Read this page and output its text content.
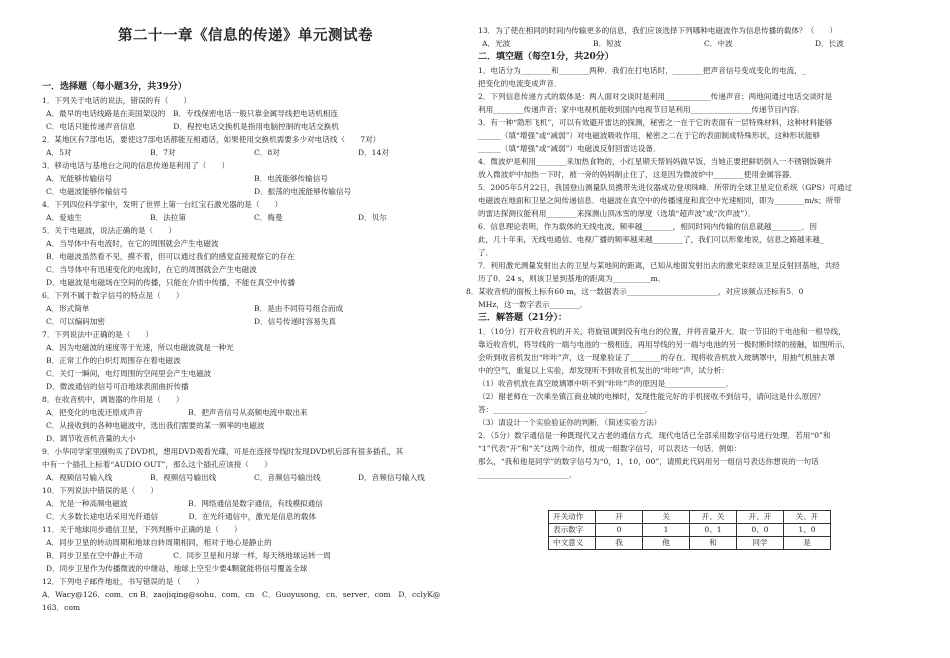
第二十一章《信息的传递》单元测试卷
一．选择题（每小题3分，共39分）
1．下列关于电话的说法，错误的有（　　）
A．最早的电话线路是在美国架设的　B．专线保密电话一般只靠金属导线把电话机相连
C．电话只能传递声音信息　　　　　D．程控电话交换机是指用电脑控制的电话交换机
2．某地区有7部电话，要使这7部电话都能互相通话，如果使用交换机需要多少对电话线（　　7对）
A．5对	B．7对	C．8对	D．14对
3．移动电话与基地台之间的信息传递是利用了（　　）
A．光能够传输信号	B．电流能够传输信号
C．电磁波能够传输信号	D．振荡的电流能够传输信号
4．下列四位科学家中，发明了世界上第一台红宝石激光器的是（　　）
A．爱迪生	B．法拉第	C．梅曼	D．贝尔
5．关于电磁波，说法正确的是（　　）
A．当导体中有电流时，在它的周围就会产生电磁波
B．电磁波虽然看不见，摸不着，但可以通过我们的感觉直接观察它的存在
C．当导体中有迅速变化的电流时，在它的周围就会产生电磁波
D．电磁波是电磁场在空间的传播，只能在介质中传播，不能在真空中传播
6．下列不属于数字信号的特点是（　　）
A．形式简单	B．是由不同符号组合而成
C．可以编码加密	D．信号传递时容易失真
7．下列说法中正确的是（　　）
A．因为电磁波的速度等于光速，所以电磁波就是一种光
B．正常工作的白炽灯周围存在着电磁波
C．关灯一瞬间，电灯周围的空间里会产生电磁波
D．微波通信的信号可沿地球表面曲折传播
8．在收音机中，调谐器的作用是（　　）
A．把变化的电流还原成声音　　　　　　B．把声音信号从高频电流中取出来
C．从接收到的各种电磁波中，选出我们需要的某一频率的电磁波
D．调节收音机音量的大小
9．小华同学家里刚购买了DVD机，想用DVD观看光碟，可是在连接导线时发现DVD机后部有很多插孔，其
中有一个插孔上标着“AUDIO OUT”，那么这个插孔应该接（　　）
A．视频信号输入线	B．视频信号输出线	C．音频信号输出线	D．音频信号输入线
10．下列说法中错误的是（　　）
A．光是一种高频电磁波　　　　　　　　B．网络通信是数字通信，有线模拟通信
C．大多数长途电话采用光纤通信　　　　D．在光纤通信中，激光是信息的载体
11．关于地球同步通信卫星，下列判断中正确的是（　　）
A．同步卫星的转动周期和地球自转周期相同，相对于地心是静止的
B．同步卫星在空中静止不动　　　　C．同步卫星和月球一样，每天绕地球运转一周
D．同步卫星作为传播微波的中继站，地球上空至少要4颗就能将信号覆盖全球
12．下列电子邮件地址，书写错误的是（　　）
A．Wacy@126．com．cn B．zaojiqing@sohu．com．cn　C．Guoyusong．cn．server．com　D．cclyK@
163．com
13．为了使在相同的时间内传输更多的信息，我们应该选择下列哪种电磁波作为信息传播的载体？（　　）
A．光波	B．短波	C．中波	D．长波
二．填空题（每空1分，共20分）
1．电话分为________和________两种．我们在打电话时，________把声音信号变成变化的电流，_
把变化的电流变成声音．
2．下列信息传递方式的载体是：两人面对交谈时是利用____________传递声音；两地间通过电话交谈时是
利用________传递声音；家中电视机能收到国内电视节目是利用________________传递节目内容．
3．有一种“隐形飞机”，可以有效避开雷达的探测，秘密之一在于它的表面有一层特殊材料，这种材料能够
______（填“增强”或“减弱”）对电磁波吸收作用，秘密之二在于它的表面制成特殊形状，这种形状能够
______（填“增强”或“减弱”）电磁波反射回雷达设备．
4．微波炉是利用________来加热食物的，小红星期天帮妈妈做早饭，当她正要把鲜奶倒入一不锈钢饭碗并
放入微波炉中加热一下时，被一旁的妈妈制止住了，这是因为微波炉中________使用金属容器．
5．2005年5月22日，我国登山测量队员携带先进仪器成功登项珠峰．所带的全球卫星定位系统（GPS）可通过
电磁波在地面和卫星之间传递信息．电磁波在真空中的传播速度和真空中光速相同，即为________m/s；所带
的雷达探测仪能利用________来探测山顶冰雪的厚度（选填“超声波”或“次声波”）．
6．信息理论表明，作为载体的无线电波，频率越________，相同时间内传输的信息就越________．因
此，几十年来，无线电通信、电视广播的频率越来越________了，我们可以形象地说，信息之路越来越_
了．
7．利用激光测量发射出去的卫星与某地间的距离，已知从地面发射出去的激光束经该卫星反射回基地，共经
历了0．24 s，则该卫星到基地的距离为__________m．
8．某收音机的面板上标有60 m，这一数据表示________________________，对应该频点还标有5．0
MHz，这一数字表示________．
三．解答题（21分）：
1．（10分）打开收音机的开关，将旋钮调到没有电台的位置，并将音量开大．取一节旧的干电池和一根导线，
靠近收音机，将导线的一端与电池的一极相连，再用导线的另一端与电池的另一极时断时续的接触，如图所示，
会听到收音机发出“咔咔”声，这一现象验证了________的存在．现将收音机放入玻璃罩中，用抽气机抽去罩
中的空气，重复以上实验，却发现听不到收音机发出的“咔咔”声，试分析：
（1）收音机放在真空玻璃罩中听不到“咔咔”声的原因是________________．
（2）谢老师在一次乘坐镇江商业城的电梯时，发现性能完好的手机接收不到信号，请问这是什么原因？
答：________________________________________．
（3）请设计一个实验验证你的判断．（简述实验方法）
2．（5分）数字通信是一种既现代又古老的通信方式．现代电话已全部采用数字信号进行处理．若用“0”和
“1”代表“开”和“关”这两个动作，组成一组数字信号，可以表达一句话．例如：
那么，“我和他是同学”的数字信号为“0，1，10，00”，请照此代码用另一组信号表达你想说的一句话
________________________．
开关动作	开	关	开、关	开、开	关、开
表示数字	0	1	0、1	0、0	1、0
中文意义	我	他	和	同学	是
